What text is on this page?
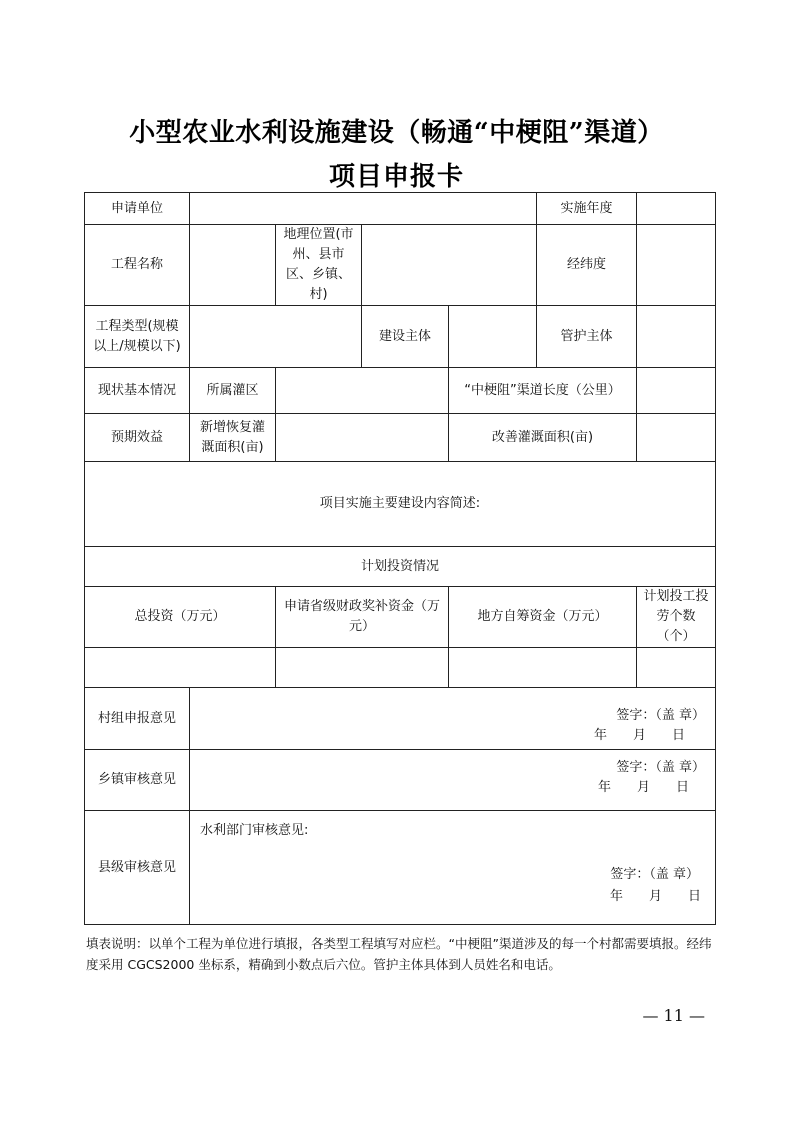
小型农业水利设施建设（畅通“中梗阻”渠道）
项目申报卡
申请单位					实施年度	

工程名称		地理位置(市州、县市区、乡镇、村)			经纬度	

工程类型(规模以上/规模以下)			建设主体		管护主体	

现状基本情况	所属灌区			“中梗阻”渠道长度（公里）		

预期效益	新增恢复灌溉面积(亩)			改善灌溉面积(亩)		

项目实施主要建设内容简述:						
计划投资情况						
总投资（万元）		申请省级财政奖补资金（万元）		地方自筹资金（万元）		计划投工投劳个数（个）

村组申报意见	签字：（盖 章）
年　　月　　日					

乡镇审核意见	签字：（盖 章）
年　　月　　日					

县级审核意见	水利部门审核意见:
签字：（盖 章）
年　　月　　日					
填表说明：以单个工程为单位进行填报，各类型工程填写对应栏。“中梗阻”渠道涉及的每一个村都需要填报。经纬度采用 CGCS2000 坐标系，精确到小数点后六位。管护主体具体到人员姓名和电话。
— 11 —
